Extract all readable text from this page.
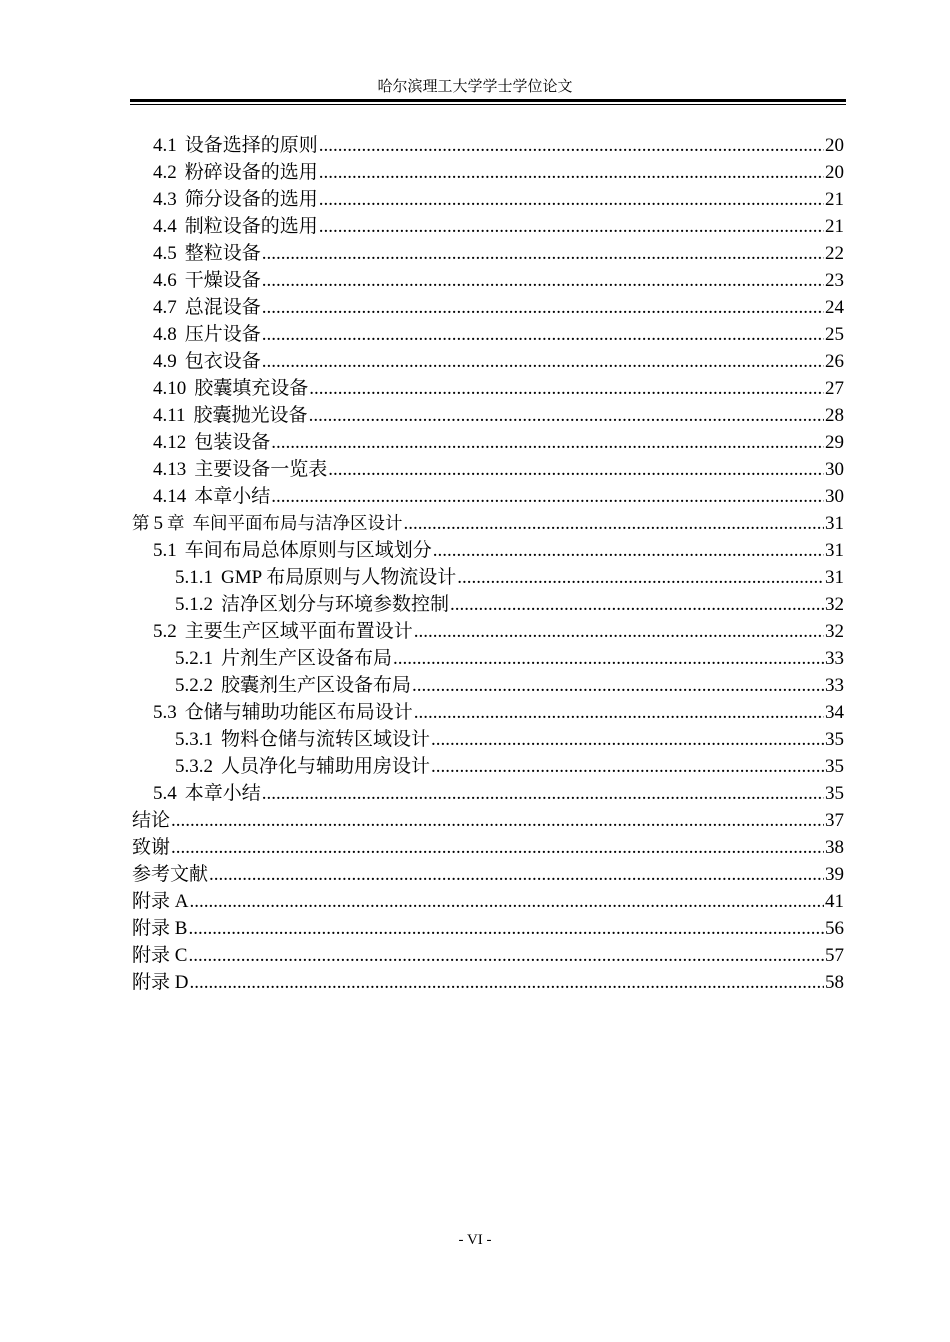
哈尔滨理工大学学士学位论文
4.1 设备选择的原则 .....	20
4.2 粉碎设备的选用 .....	20
4.3 筛分设备的选用 .....	21
4.4 制粒设备的选用 .....	21
4.5 整粒设备 .....	22
4.6 干燥设备 .....	23
4.7 总混设备 .....	24
4.8 压片设备 .....	25
4.9 包衣设备 .....	26
4.10 胶囊填充设备 .....	27
4.11 胶囊抛光设备 .....	28
4.12 包装设备 .....	29
4.13 主要设备一览表 .....	30
4.14 本章小结 .....	30
第 5 章 车间平面布局与洁净区设计 .....	31
5.1 车间布局总体原则与区域划分 .....	31
5.1.1 GMP 布局原则与人物流设计 .....	31
5.1.2 洁净区划分与环境参数控制 .....	32
5.2 主要生产区域平面布置设计 .....	32
5.2.1 片剂生产区设备布局 .....	33
5.2.2 胶囊剂生产区设备布局 .....	33
5.3 仓储与辅助功能区布局设计 .....	34
5.3.1 物料仓储与流转区域设计 .....	35
5.3.2 人员净化与辅助用房设计 .....	35
5.4 本章小结 .....	35
结论 .....	37
致谢 .....	38
参考文献 .....	39
附录 A .....	41
附录 B .....	56
附录 C .....	57
附录 D .....	58
- VI -
